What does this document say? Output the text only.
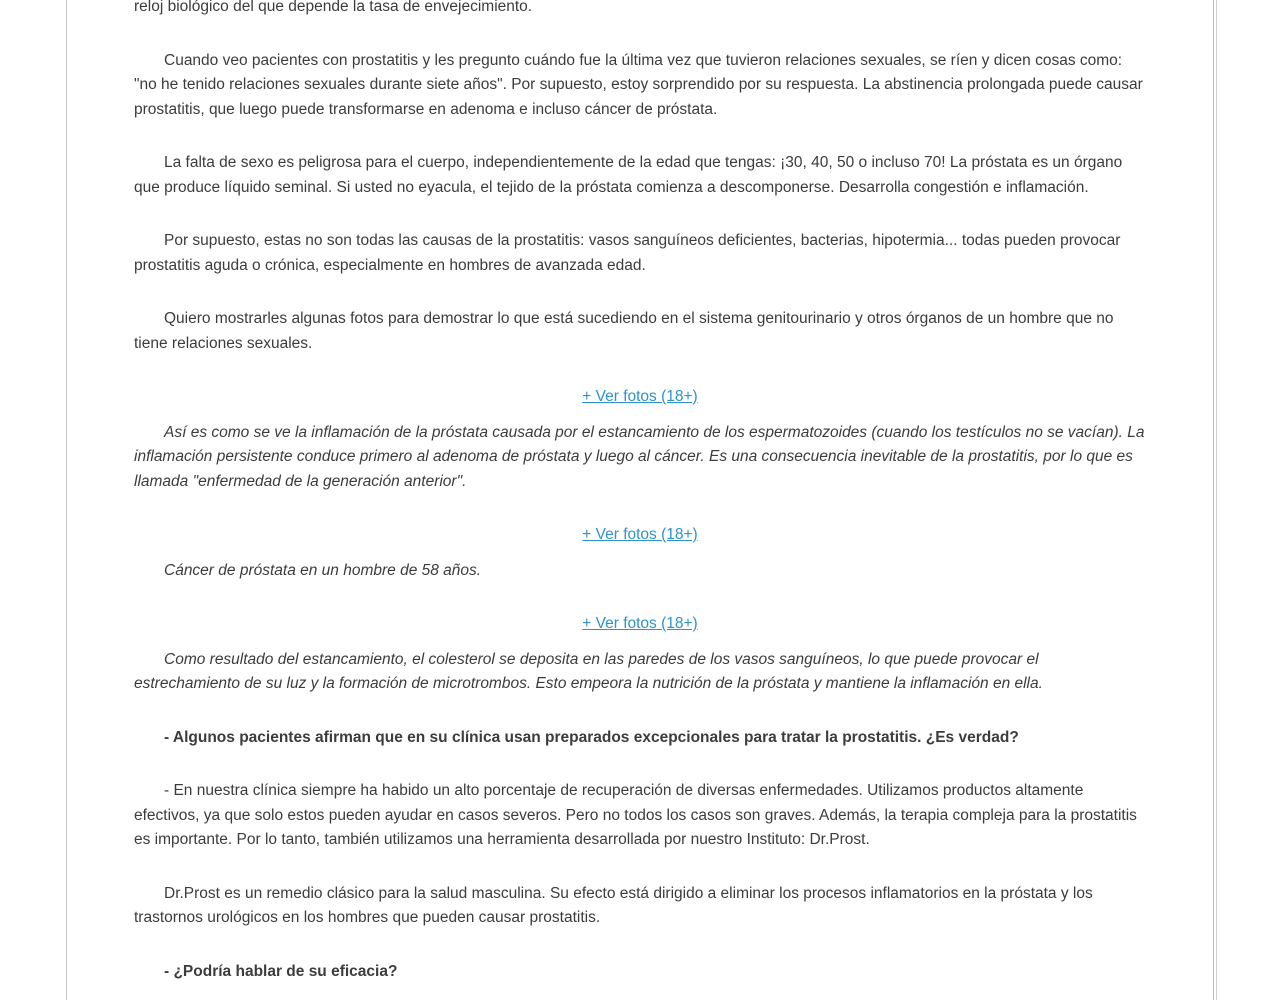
reloj biológico del que depende la tasa de envejecimiento.

Cuando veo pacientes con prostatitis y les pregunto cuándo fue la última vez que tuvieron relaciones sexuales, se ríen y dicen cosas como: "no he tenido relaciones sexuales durante siete años". Por supuesto, estoy sorprendido por su respuesta. La abstinencia prolongada puede causar prostatitis, que luego puede transformarse en adenoma e incluso cáncer de próstata.

La falta de sexo es peligrosa para el cuerpo, independientemente de la edad que tengas: ¡30, 40, 50 o incluso 70! La próstata es un órgano que produce líquido seminal. Si usted no eyacula, el tejido de la próstata comienza a descomponerse. Desarrolla congestión e inflamación.

Por supuesto, estas no son todas las causas de la prostatitis: vasos sanguíneos deficientes, bacterias, hipotermia... todas pueden provocar prostatitis aguda o crónica, especialmente en hombres de avanzada edad.

Quiero mostrarles algunas fotos para demostrar lo que está sucediendo en el sistema genitourinario y otros órganos de un hombre que no tiene relaciones sexuales.

+ Ver fotos (18+)

Así es como se ve la inflamación de la próstata causada por el estancamiento de los espermatozoides (cuando los testículos no se vacían). La inflamación persistente conduce primero al adenoma de próstata y luego al cáncer. Es una consecuencia inevitable de la prostatitis, por lo que es llamada "enfermedad de la generación anterior".

+ Ver fotos (18+)

Cáncer de próstata en un hombre de 58 años.

+ Ver fotos (18+)

Como resultado del estancamiento, el colesterol se deposita en las paredes de los vasos sanguíneos, lo que puede provocar el estrechamiento de su luz y la formación de microtrombos. Esto empeora la nutrición de la próstata y mantiene la inflamación en ella.

- Algunos pacientes afirman que en su clínica usan preparados excepcionales para tratar la prostatitis. ¿Es verdad?

- En nuestra clínica siempre ha habido un alto porcentaje de recuperación de diversas enfermedades. Utilizamos productos altamente efectivos, ya que solo estos pueden ayudar en casos severos. Pero no todos los casos son graves. Además, la terapia compleja para la prostatitis es importante. Por lo tanto, también utilizamos una herramienta desarrollada por nuestro Instituto: Dr.Prost.

Dr.Prost es un remedio clásico para la salud masculina. Su efecto está dirigido a eliminar los procesos inflamatorios en la próstata y los trastornos urológicos en los hombres que pueden causar prostatitis.

- ¿Podría hablar de su eficacia?
